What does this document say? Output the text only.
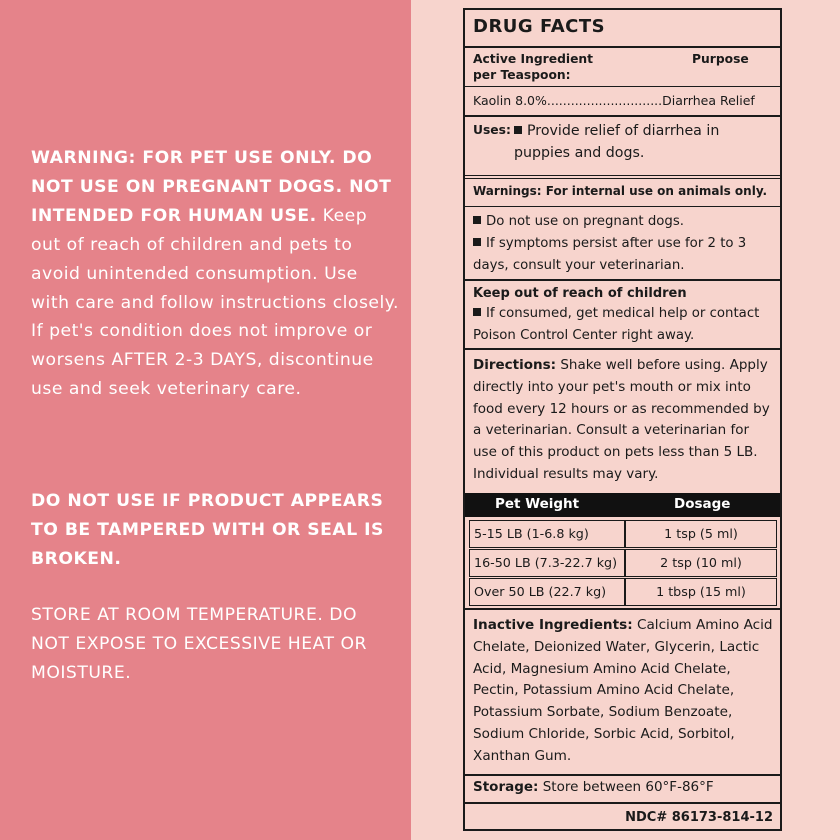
WARNING: FOR PET USE ONLY. DO NOT USE ON PREGNANT DOGS. NOT INTENDED FOR HUMAN USE. Keep out of reach of children and pets to avoid unintended consumption. Use with care and follow instructions closely. If pet's condition does not improve or worsens AFTER 2-3 DAYS, discontinue use and seek veterinary care.

DO NOT USE IF PRODUCT APPEARS TO BE TAMPERED WITH OR SEAL IS BROKEN.

STORE AT ROOM TEMPERATURE. DO NOT EXPOSE TO EXCESSIVE HEAT OR MOISTURE.

DRUG FACTS
Active Ingredient per Teaspoon:
Purpose
Kaolin 8.0%.............................Diarrhea Relief
Uses:	Provide relief of diarrhea in puppies and dogs.
Warnings: For internal use on animals only.
Do not use on pregnant dogs.
If symptoms persist after use for 2 to 3 days, consult your veterinarian.
Keep out of reach of children
If consumed, get medical help or contact Poison Control Center right away.
Directions: Shake well before using. Apply directly into your pet's mouth or mix into food every 12 hours or as recommended by a veterinarian. Consult a veterinarian for use of this product on pets less than 5 LB. Individual results may vary.
Pet Weight	Dosage
5-15 LB (1-6.8 kg)	1 tsp (5 ml)
16-50 LB (7.3-22.7 kg)	2 tsp (10 ml)
Over 50 LB (22.7 kg)	1 tbsp (15 ml)
Inactive Ingredients: Calcium Amino Acid Chelate, Deionized Water, Glycerin, Lactic Acid, Magnesium Amino Acid Chelate, Pectin, Potassium Amino Acid Chelate, Potassium Sorbate, Sodium Benzoate, Sodium Chloride, Sorbic Acid, Sorbitol, Xanthan Gum.
Storage: Store between 60°F-86°F
NDC# 86173-814-12
